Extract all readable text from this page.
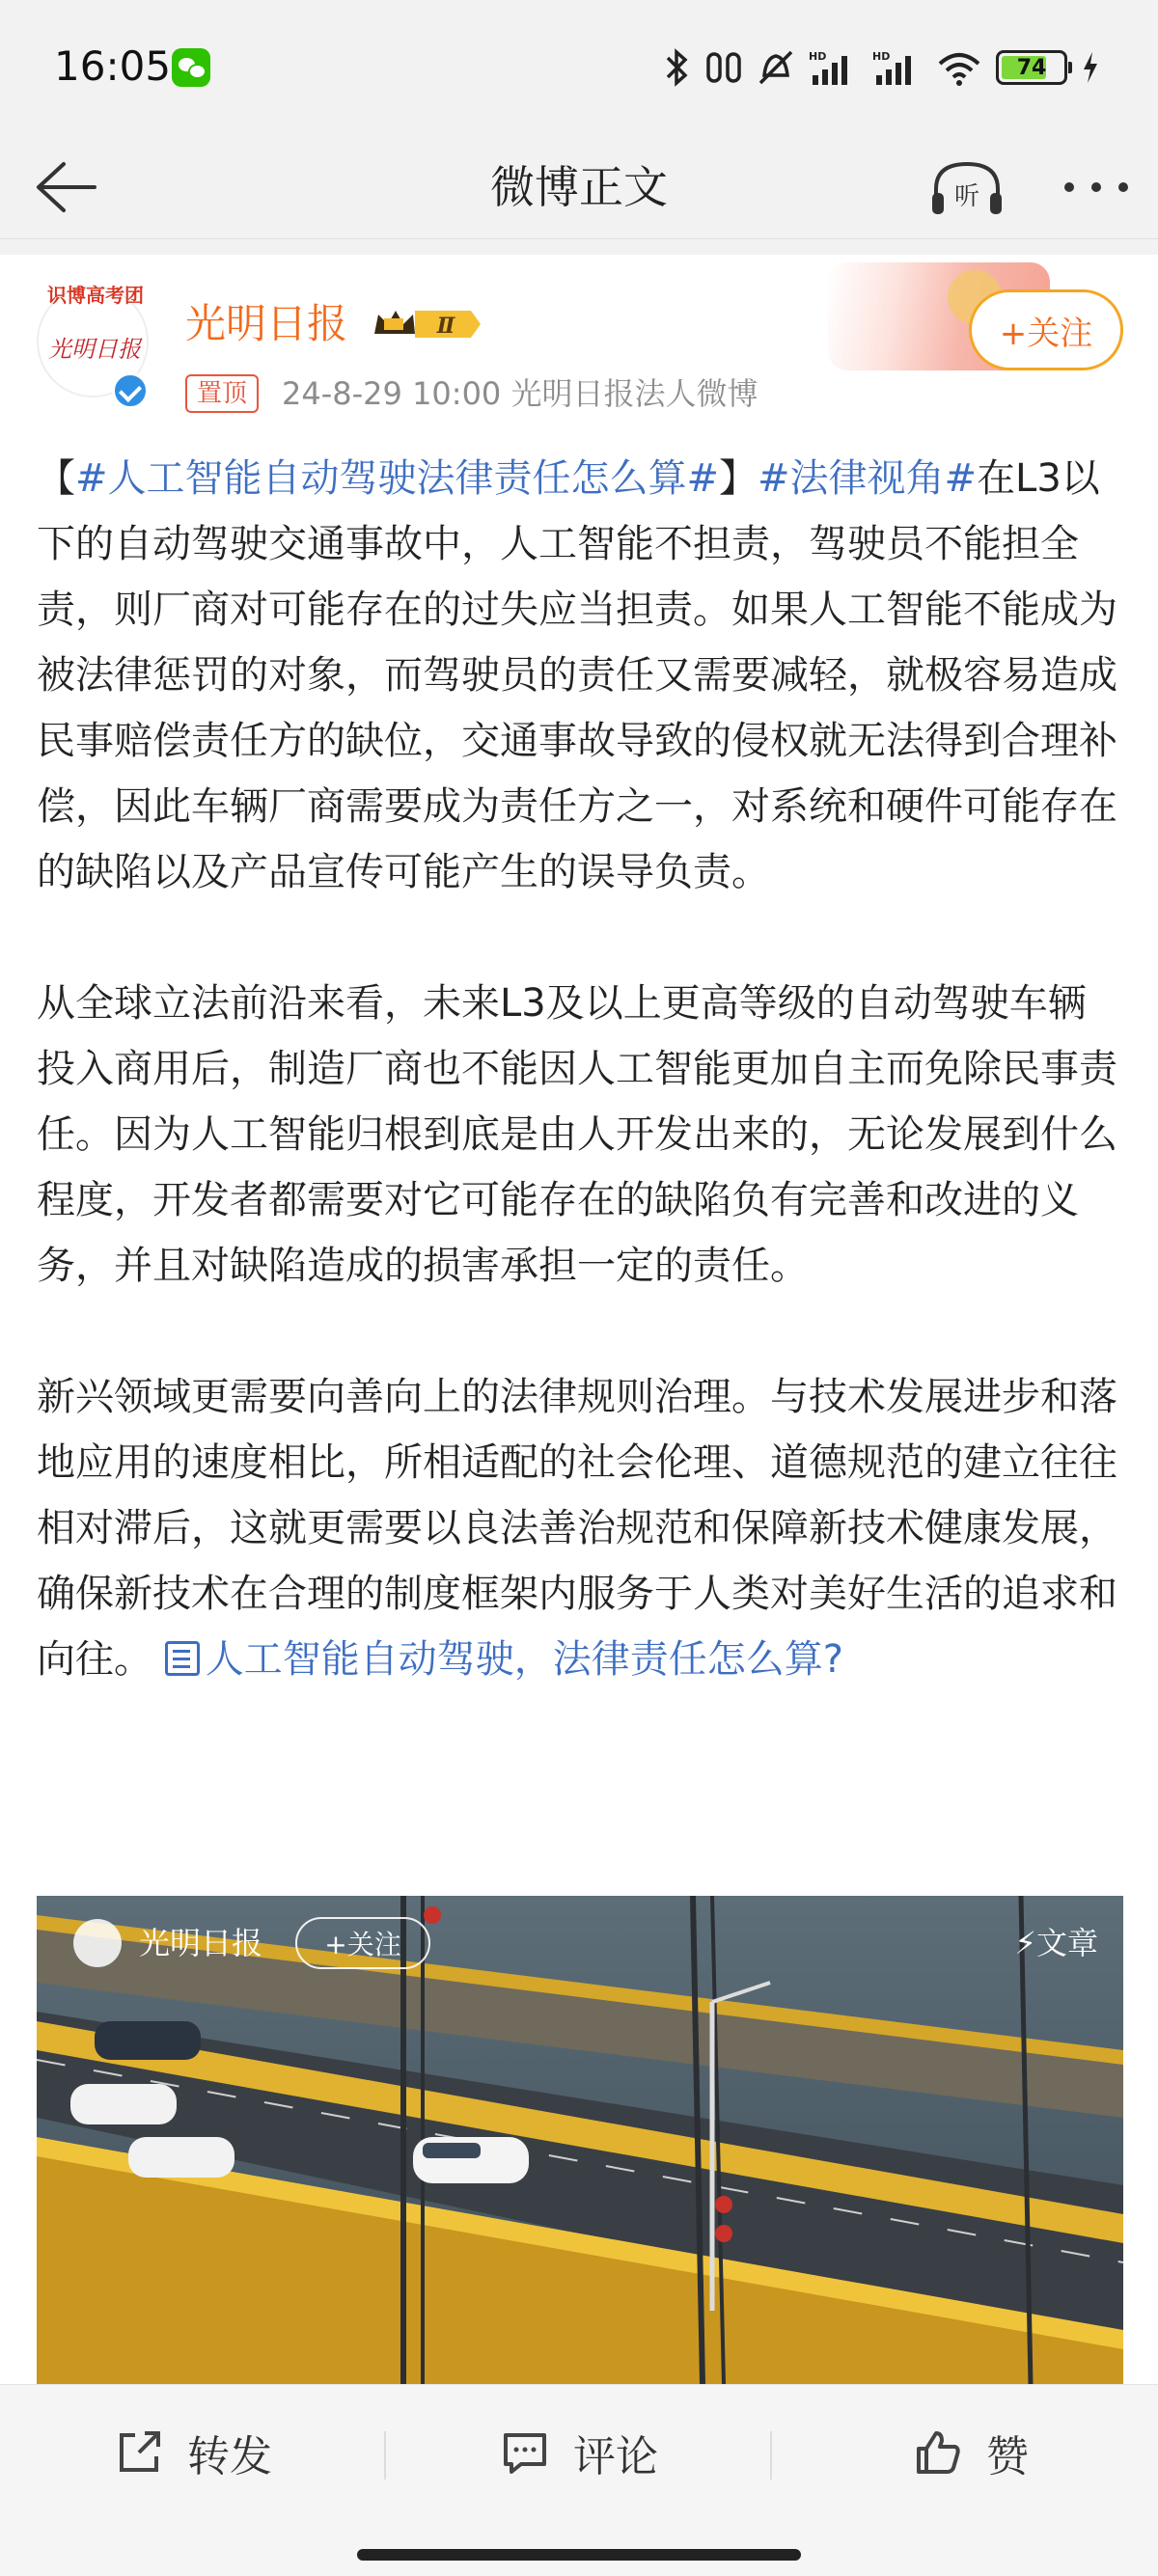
16:05	HD	HD	74
微博正文	听
识博高考团
光明日报
光明日报	Ⅱ	+关注
置顶	24-8-29 10:00 光明日报法人微博

【#人工智能自动驾驶法律责任怎么算#】#法律视角#在L3以下的自动驾驶交通事故中，人工智能不担责，驾驶员不能担全责，则厂商对可能存在的过失应当担责。如果人工智能不能成为被法律惩罚的对象，而驾驶员的责任又需要减轻，就极容易造成民事赔偿责任方的缺位，交通事故导致的侵权就无法得到合理补偿，因此车辆厂商需要成为责任方之一，对系统和硬件可能存在的缺陷以及产品宣传可能产生的误导负责。

从全球立法前沿来看，未来L3及以上更高等级的自动驾驶车辆投入商用后，制造厂商也不能因人工智能更加自主而免除民事责任。因为人工智能归根到底是由人开发出来的，无论发展到什么程度，开发者都需要对它可能存在的缺陷负有完善和改进的义务，并且对缺陷造成的损害承担一定的责任。

新兴领域更需要向善向上的法律规则治理。与技术发展进步和落地应用的速度相比，所相适配的社会伦理、道德规范的建立往往相对滞后，这就更需要以良法善治规范和保障新技术健康发展，确保新技术在合理的制度框架内服务于人类对美好生活的追求和向往。 人工智能自动驾驶，法律责任怎么算?

光明日报	+关注	⚡文章
转发	评论	赞
